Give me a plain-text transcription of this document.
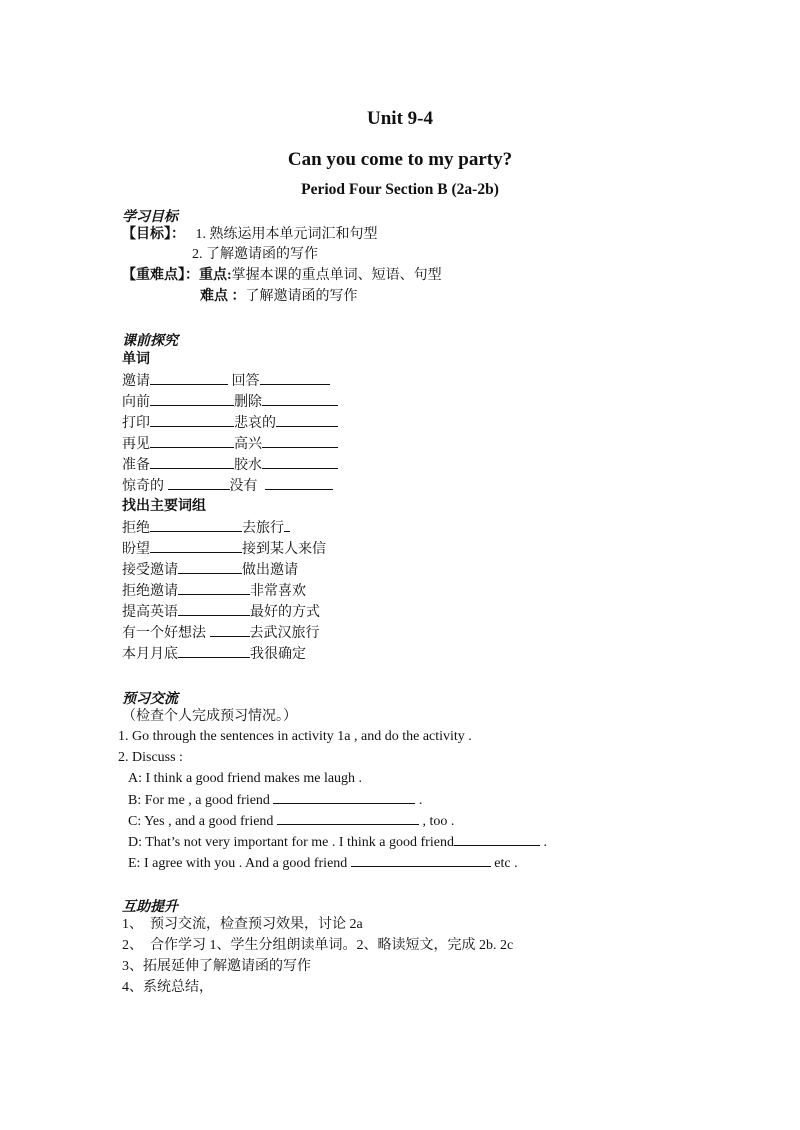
Unit 9-4
Can you come to my party?
Period Four Section B (2a-2b)
学习目标
【目标】： 1. 熟练运用本单元词汇和句型
2. 了解邀请函的写作
【重难点】：重点:掌握本课的重点单词、短语、句型
难点 ：了解邀请函的写作
课前探究
单词
邀请	回答
向前	删除
打印	悲哀的
再见	高兴
准备	胶水
惊奇的	没有
找出主要词组
拒绝	去旅行
盼望	接到某人来信
接受邀请	做出邀请
拒绝邀请	非常喜欢
提高英语	最好的方式
有一个好想法	去武汉旅行
本月月底	我很确定
预习交流
（检查个人完成预习情况。）
1. Go through the sentences in activity 1a , and do the activity .
2. Discuss :
A: I think a good friend makes me laugh .
B: For me , a good friend	.
C: Yes , and a good friend	, too .
D: That’s not very important for me . I think a good friend	.
E: I agree with you . And a good friend	etc .
互助提升
1、  预习交流，检查预习效果，讨论 2a
2、  合作学习 1、学生分组朗读单词。2、略读短文，完成 2b. 2c
3、拓展延伸了解邀请函的写作
4、系统总结，
